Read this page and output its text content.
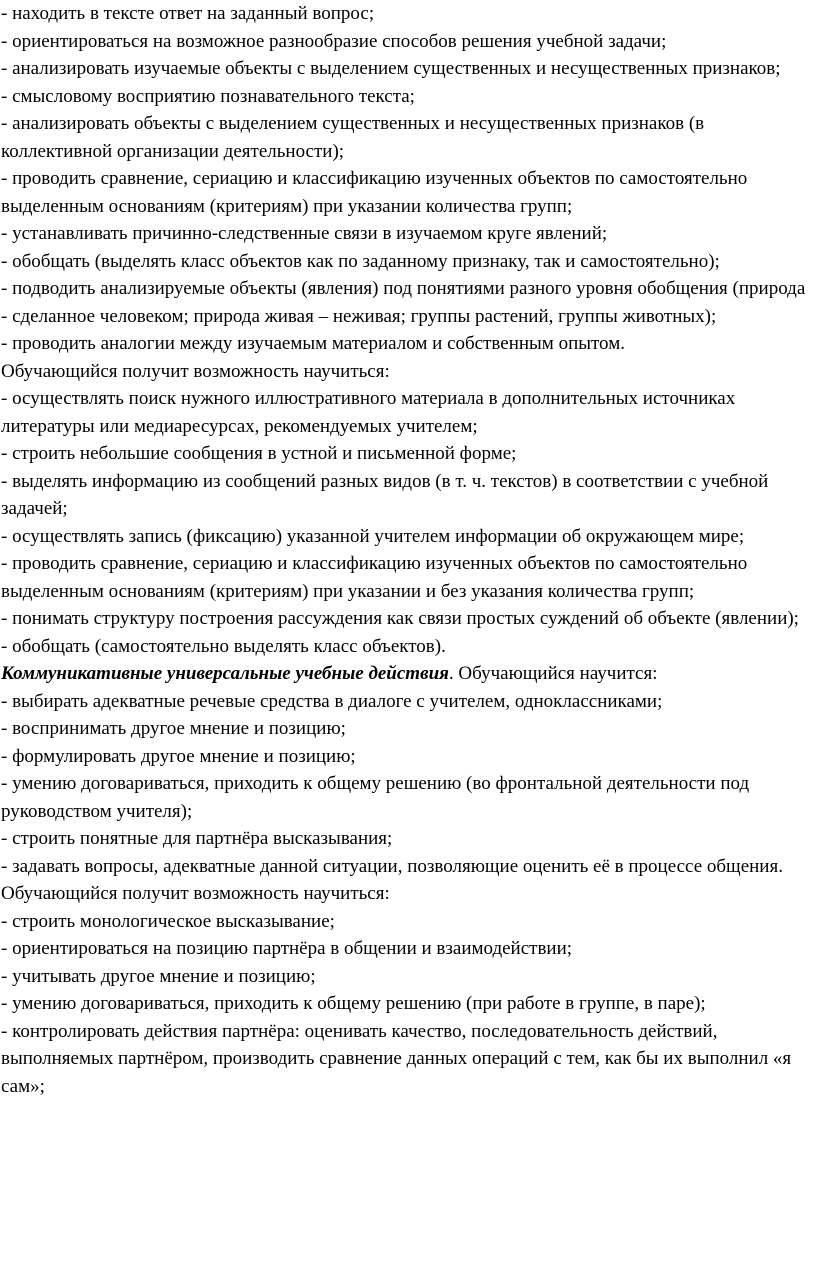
- находить в тексте ответ на заданный вопрос;

- ориентироваться на возможное разнообразие способов решения учебной задачи;

- анализировать изучаемые объекты с выделением существенных и несущественных признаков;

- смысловому восприятию познавательного текста;

- анализировать объекты с выделением существенных и несущественных признаков (в коллективной организации деятельности);

- проводить сравнение, сериацию и классификацию изученных объектов по самостоятельно выделенным основаниям (критериям) при указании количества групп;

- устанавливать причинно-следственные связи в изучаемом круге явлений;

- обобщать (выделять класс объектов как по заданному признаку, так и самостоятельно);

- подводить анализируемые объекты (явления) под понятиями разного уровня обобщения (природа - сделанное человеком; природа живая – неживая; группы растений, группы животных);

- проводить аналогии между изучаемым материалом и собственным опытом.

Обучающийся получит возможность научиться:

- осуществлять поиск нужного иллюстративного материала в дополнительных источниках литературы или медиаресурсах, рекомендуемых учителем;

- строить небольшие сообщения в устной и письменной форме;

- выделять информацию из сообщений разных видов (в т. ч. текстов) в соответствии с учебной задачей;

- осуществлять запись (фиксацию) указанной учителем информации об окружающем мире;

- проводить сравнение, сериацию и классификацию изученных объектов по самостоятельно выделенным основаниям (критериям) при указании и без указания количества групп;

- понимать структуру построения рассуждения как связи простых суждений об объекте (явлении);

- обобщать (самостоятельно выделять класс объектов).

Коммуникативные универсальные учебные действия. Обучающийся научится:

- выбирать адекватные речевые средства в диалоге с учителем, одноклассниками;

- воспринимать другое мнение и позицию;

- формулировать другое мнение и позицию;

- умению договариваться, приходить к общему решению (во фронтальной деятельности под руководством учителя);

- строить понятные для партнёра высказывания;

- задавать вопросы, адекватные данной ситуации, позволяющие оценить её в процессе общения.

Обучающийся получит возможность научиться:

- строить монологическое высказывание;

- ориентироваться на позицию партнёра в общении и взаимодействии;

- учитывать другое мнение и позицию;

- умению договариваться, приходить к общему решению (при работе в группе, в паре);

- контролировать действия партнёра: оценивать качество, последовательность действий, выполняемых партнёром, производить сравнение данных операций с тем, как бы их выполнил «я сам»;
